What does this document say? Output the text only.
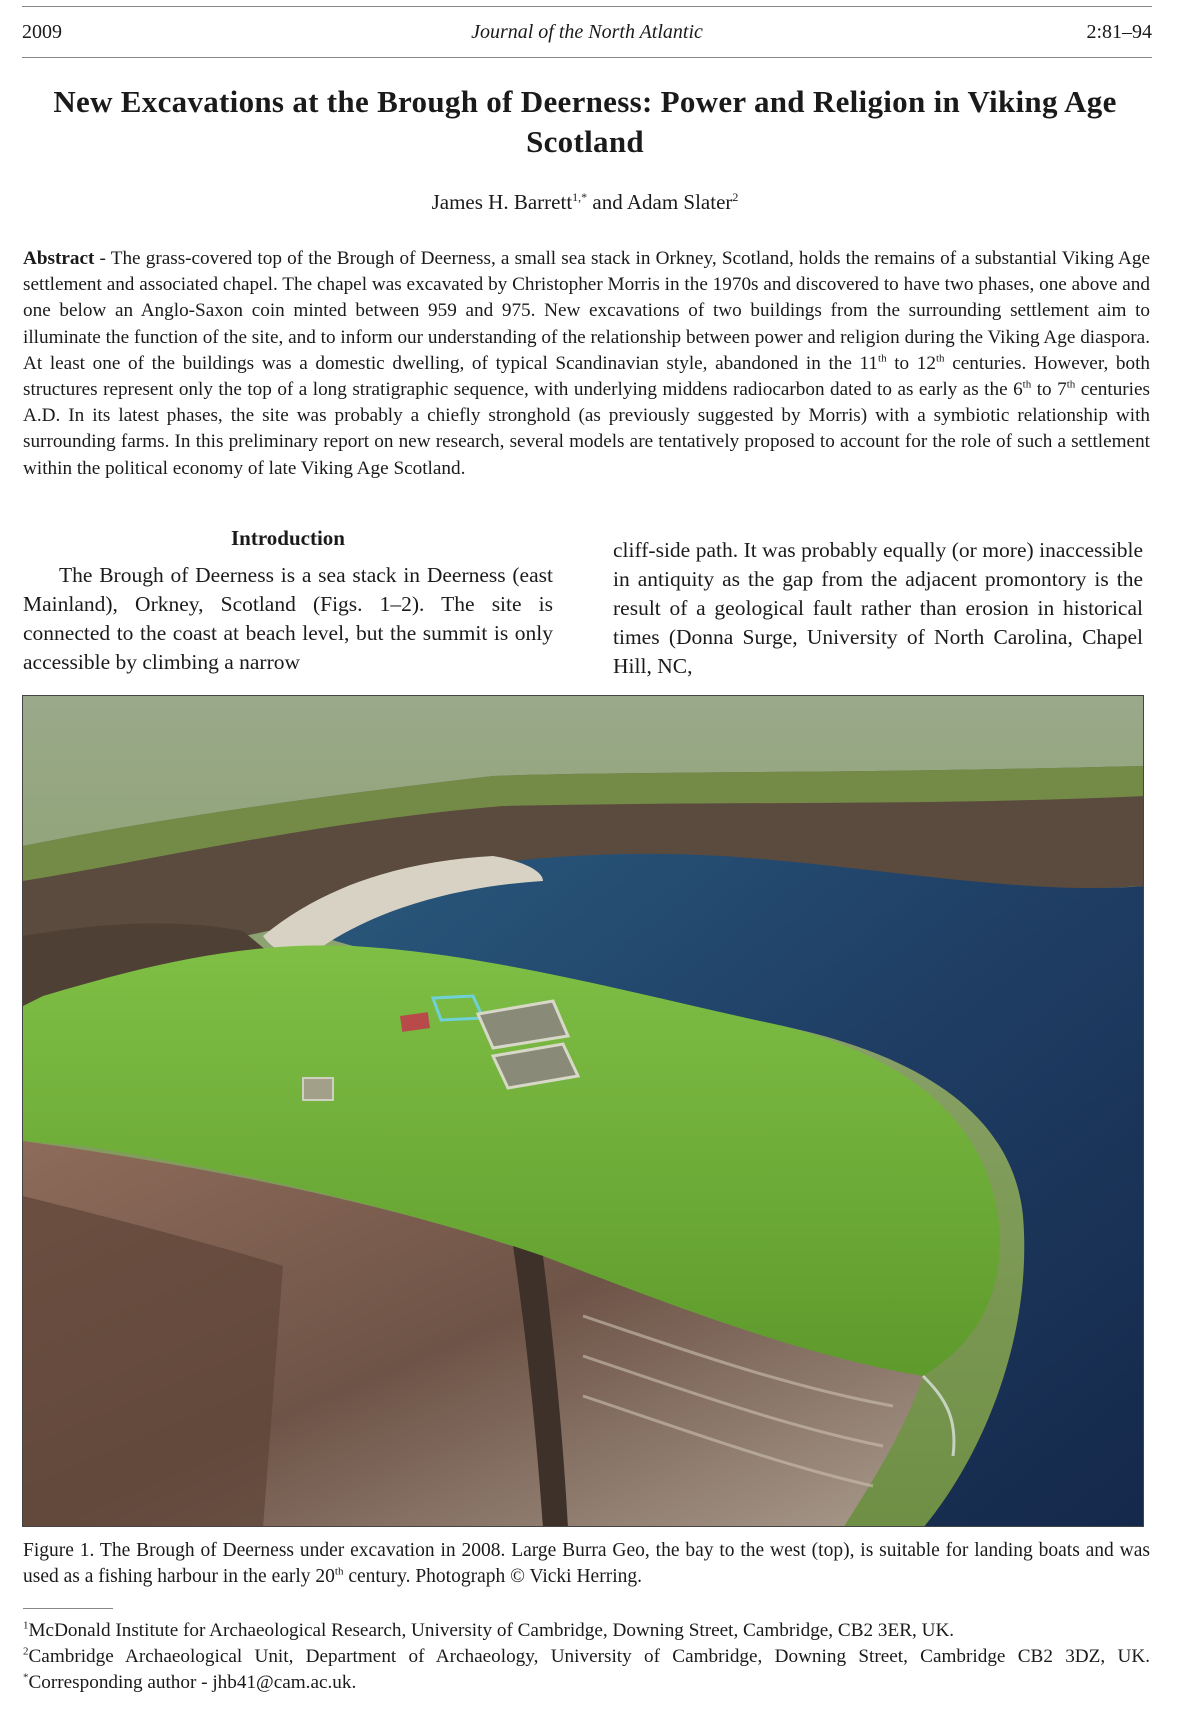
2009	Journal of the North Atlantic	2:81–94
New Excavations at the Brough of Deerness: Power and Religion in Viking Age Scotland
James H. Barrett$^{1,*}$ and Adam Slater$^2$
Abstract - The grass-covered top of the Brough of Deerness, a small sea stack in Orkney, Scotland, holds the remains of a substantial Viking Age settlement and associated chapel. The chapel was excavated by Christopher Morris in the 1970s and discovered to have two phases, one above and one below an Anglo-Saxon coin minted between 959 and 975. New excavations of two buildings from the surrounding settlement aim to illuminate the function of the site, and to inform our understanding of the relationship between power and religion during the Viking Age diaspora. At least one of the buildings was a domestic dwelling, of typical Scandinavian style, abandoned in the 11th to 12th centuries. However, both structures represent only the top of a long stratigraphic sequence, with underlying middens radiocarbon dated to as early as the 6th to 7th centuries A.D. In its latest phases, the site was probably a chiefly stronghold (as previously suggested by Morris) with a symbiotic relationship with surrounding farms. In this preliminary report on new research, several models are tentatively proposed to account for the role of such a settlement within the political economy of late Viking Age Scotland.
Introduction

The Brough of Deerness is a sea stack in Deerness (east Mainland), Orkney, Scotland (Figs. 1–2). The site is connected to the coast at beach level, but the summit is only accessible by climbing a narrow

cliff-side path. It was probably equally (or more) inaccessible in antiquity as the gap from the adjacent promontory is the result of a geological fault rather than erosion in historical times (Donna Surge, University of North Carolina, Chapel Hill, NC,

Figure 1. The Brough of Deerness under excavation in 2008. Large Burra Geo, the bay to the west (top), is suitable for landing boats and was used as a fishing harbour in the early 20th century. Photograph © Vicki Herring.

$^1$McDonald Institute for Archaeological Research, University of Cambridge, Downing Street, Cambridge, CB2 3ER, UK.

$^2$Cambridge Archaeological Unit, Department of Archaeology, University of Cambridge, Downing Street, Cambridge CB2 3DZ, UK. *Corresponding author - jhb41@cam.ac.uk.
